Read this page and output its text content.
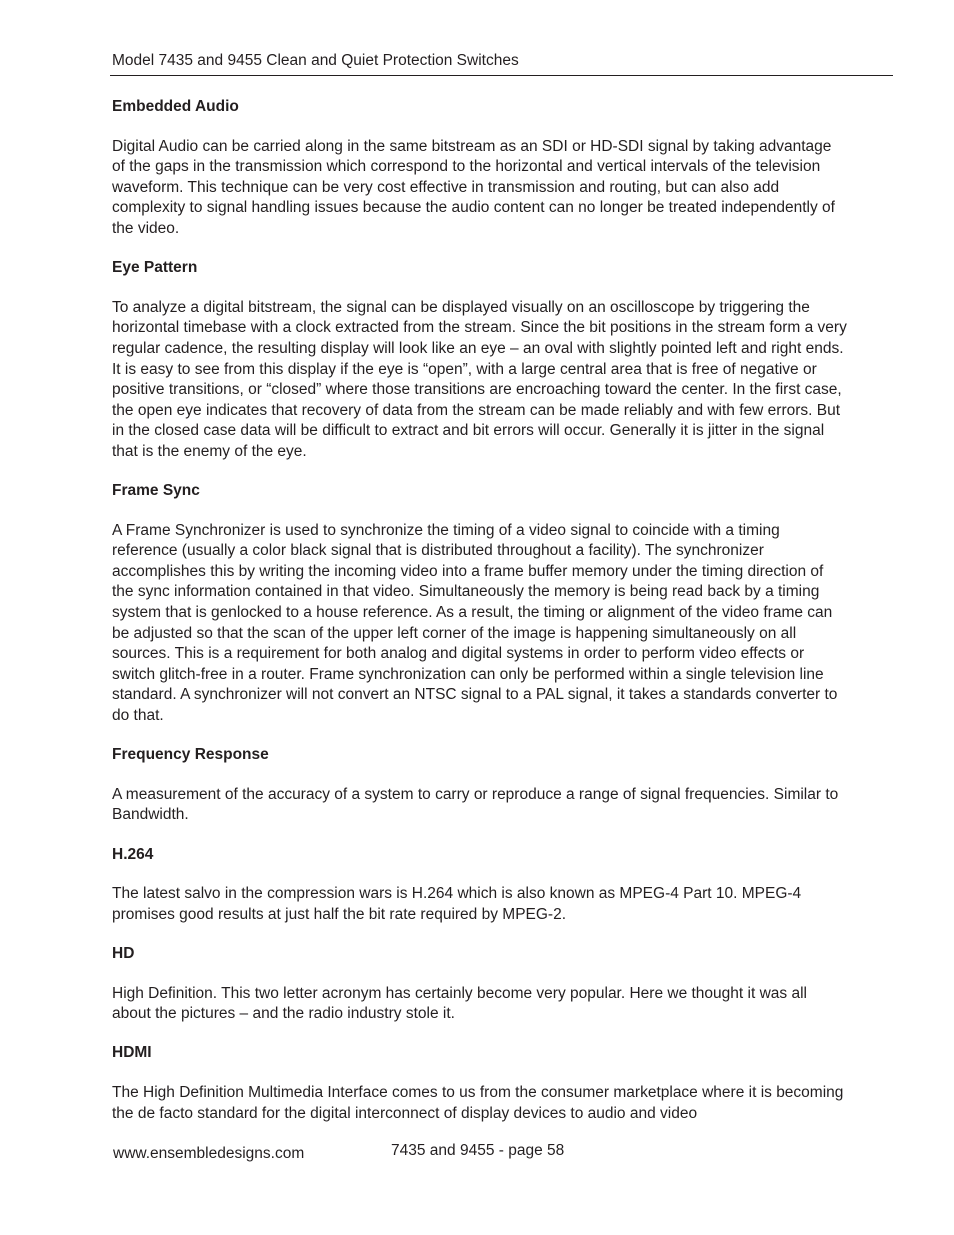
Model 7435 and 9455 Clean and Quiet Protection Switches
Embedded Audio
Digital Audio can be carried along in the same bitstream as an SDI or HD-SDI signal by taking advantage of the gaps in the transmission which correspond to the horizontal and vertical intervals of the television waveform. This technique can be very cost effective in transmission and routing, but can also add complexity to signal handling issues because the audio content can no longer be treated independently of the video.
Eye Pattern
To analyze a digital bitstream, the signal can be displayed visually on an oscilloscope by triggering the horizontal timebase with a clock extracted from the stream. Since the bit positions in the stream form a very regular cadence, the resulting display will look like an eye – an oval with slightly pointed left and right ends. It is easy to see from this display if the eye is “open”, with a large central area that is free of negative or positive transitions, or “closed” where those transitions are encroaching toward the center. In the first case, the open eye indicates that recovery of data from the stream can be made reliably and with few errors. But in the closed case data will be difficult to extract and bit errors will occur. Generally it is jitter in the signal that is the enemy of the eye.
Frame Sync
A Frame Synchronizer is used to synchronize the timing of a video signal to coincide with a timing reference (usually a color black signal that is distributed throughout a facility). The synchronizer accomplishes this by writing the incoming video into a frame buffer memory under the timing direction of the sync information contained in that video. Simultaneously the memory is being read back by a timing system that is genlocked to a house reference. As a result, the timing or alignment of the video frame can be adjusted so that the scan of the upper left corner of the image is happening simultaneously on all sources. This is a requirement for both analog and digital systems in order to perform video effects or switch glitch-free in a router. Frame synchronization can only be performed within a single television line standard. A synchronizer will not convert an NTSC signal to a PAL signal, it takes a standards converter to do that.
Frequency Response
A measurement of the accuracy of a system to carry or reproduce a range of signal frequencies. Similar to Bandwidth.
H.264
The latest salvo in the compression wars is H.264 which is also known as MPEG-4 Part 10. MPEG-4 promises good results at just half the bit rate required by MPEG-2.
HD
High Definition. This two letter acronym has certainly become very popular. Here we thought it was all about the pictures – and the radio industry stole it.
HDMI
The High Definition Multimedia Interface comes to us from the consumer marketplace where it is becoming the de facto standard for the digital interconnect of display devices to audio and video
www.ensembledesigns.com	7435 and 9455 - page 58
